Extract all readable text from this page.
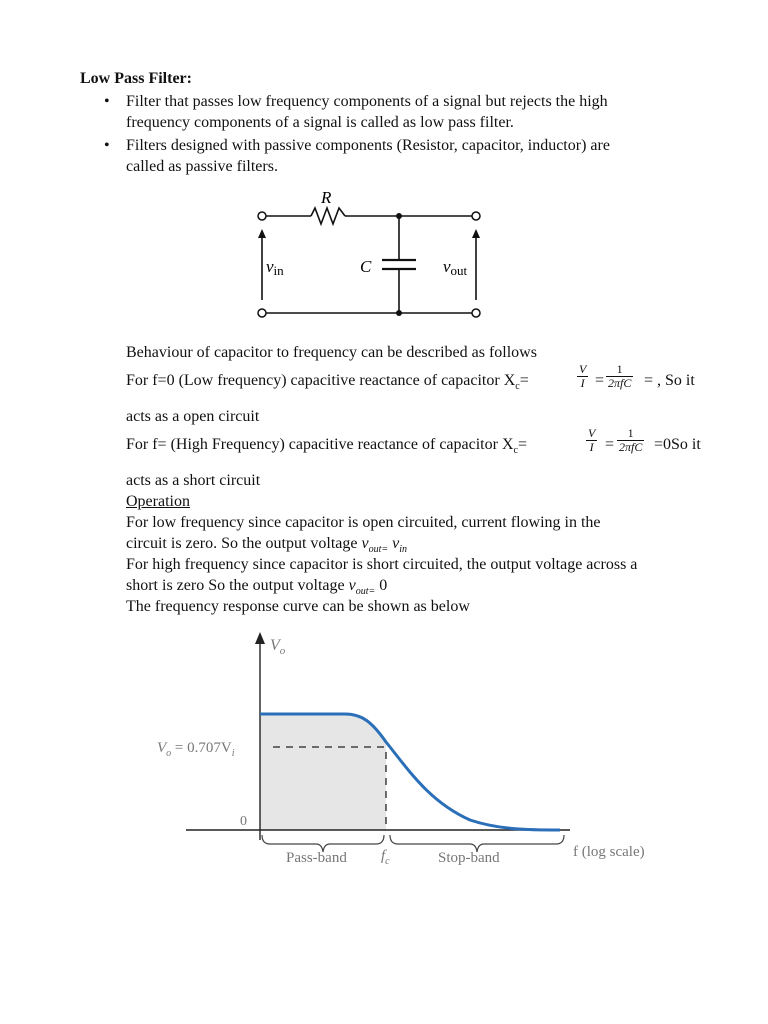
Low Pass Filter:
• Filter that passes low frequency components of a signal but rejects the high
frequency components of a signal is called as low pass filter.
• Filters designed with passive components (Resistor, capacitor, inductor) are
called as passive filters.
R
C
vin	vout
Behaviour of capacitor to frequency can be described as follows
For f=0 (Low frequency) capacitive reactance of capacitor $X_c=$	$\frac{V}{I}$ =
1
2πfC = , So it
acts as a open circuit
For f= (High Frequency) capacitive reactance of capacitor $X_c=$	$\frac{V}{I}$ =
1
2πfC =0So it
acts as a short circuit
Operation
For low frequency since capacitor is open circuited, current flowing in the
circuit is zero. So the output voltage $v_{out=}$ $v_{in}$
For high frequency since capacitor is short circuited, the output voltage across a
short is zero So the output voltage $v_{out=}$ 0
The frequency response curve can be shown as below
$V_o$
$V_o = 0.707V_i$
0
Pass-band $f_c$	Stop-band	f (log scale)
